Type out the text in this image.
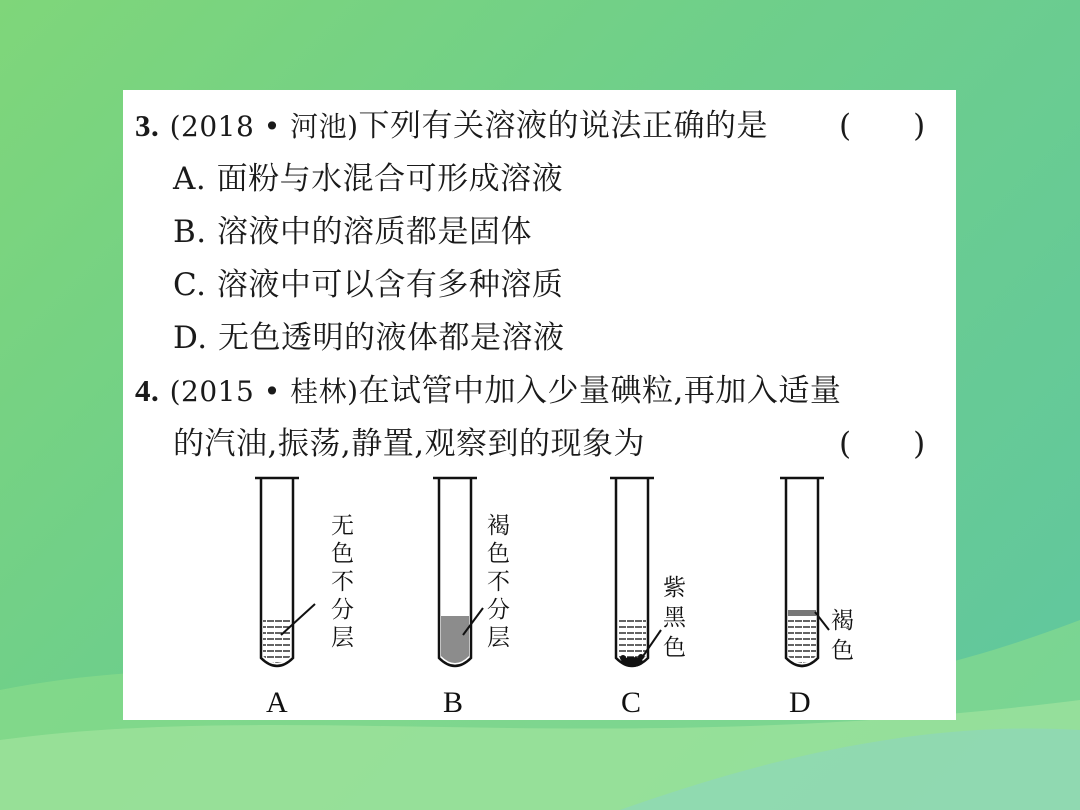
3. (2018 • 河池)下列有关溶液的说法正确的是 (　　)
A. 面粉与水混合可形成溶液
B. 溶液中的溶质都是固体
C. 溶液中可以含有多种溶质
D. 无色透明的液体都是溶液
4. (2015 • 桂林)在试管中加入少量碘粒,再加入适量
的汽油,振荡,静置,观察到的现象为	(　　)
无
色
不
分
层
A
褐
色
不
分
层
B
紫
黑
色
C
褐
色
D
